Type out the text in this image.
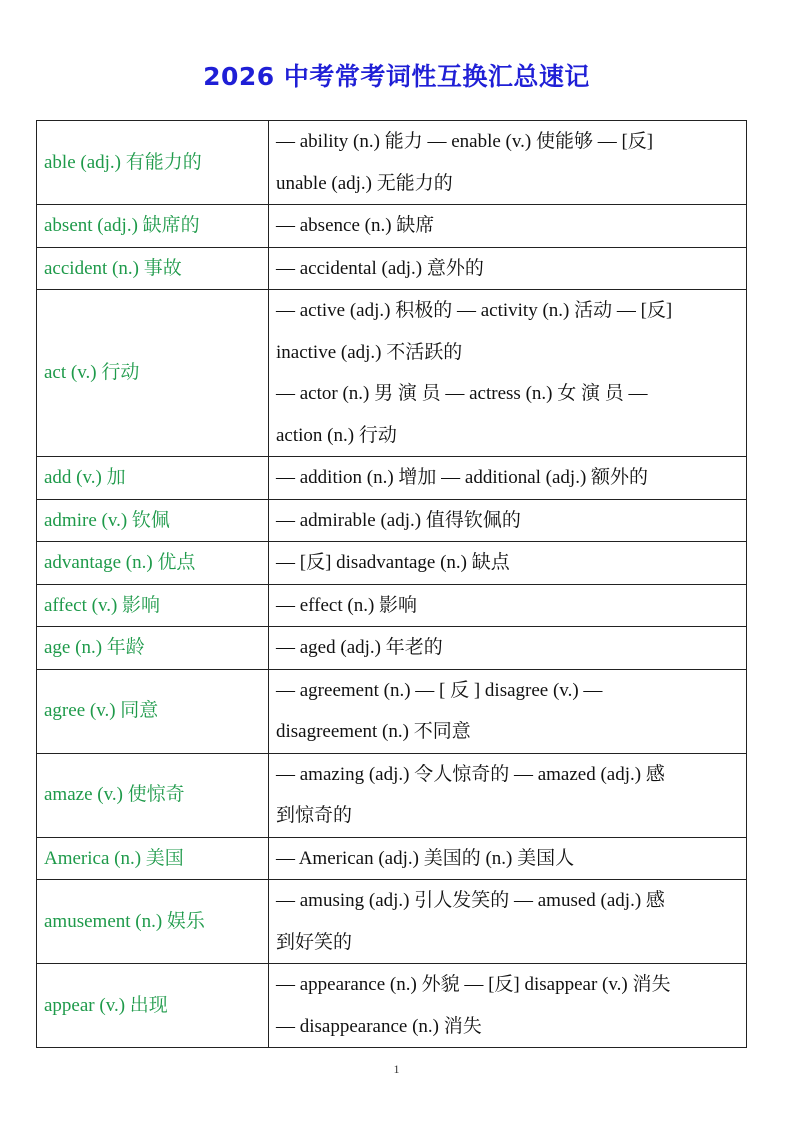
2026 中考常考词性互换汇总速记
able (adj.) 有能力的	— ability (n.) 能力 — enable (v.) 使能够 — [反]
unable (adj.) 无能力的

absent (adj.) 缺席的	— absence (n.) 缺席

accident (n.) 事故	— accidental (adj.) 意外的

act (v.) 行动	— active (adj.) 积极的 — activity (n.) 活动 — [反]
inactive (adj.) 不活跃的
— actor (n.) 男 演 员 — actress (n.) 女 演 员 —
action (n.) 行动

add (v.) 加	— addition (n.) 增加 — additional (adj.) 额外的

admire (v.) 钦佩	— admirable (adj.) 值得钦佩的

advantage (n.) 优点	— [反] disadvantage (n.) 缺点

affect (v.) 影响	— effect (n.) 影响

age (n.) 年龄	— aged (adj.) 年老的

agree (v.) 同意	— agreement (n.) — [ 反 ] disagree (v.) —
disagreement (n.) 不同意

amaze (v.) 使惊奇	— amazing (adj.) 令人惊奇的 — amazed (adj.) 感
到惊奇的

America (n.) 美国	— American (adj.) 美国的 (n.) 美国人

amusement (n.) 娱乐	— amusing (adj.) 引人发笑的 — amused (adj.) 感
到好笑的

appear (v.) 出现	— appearance (n.) 外貌 — [反] disappear (v.) 消失
— disappearance (n.) 消失
1
